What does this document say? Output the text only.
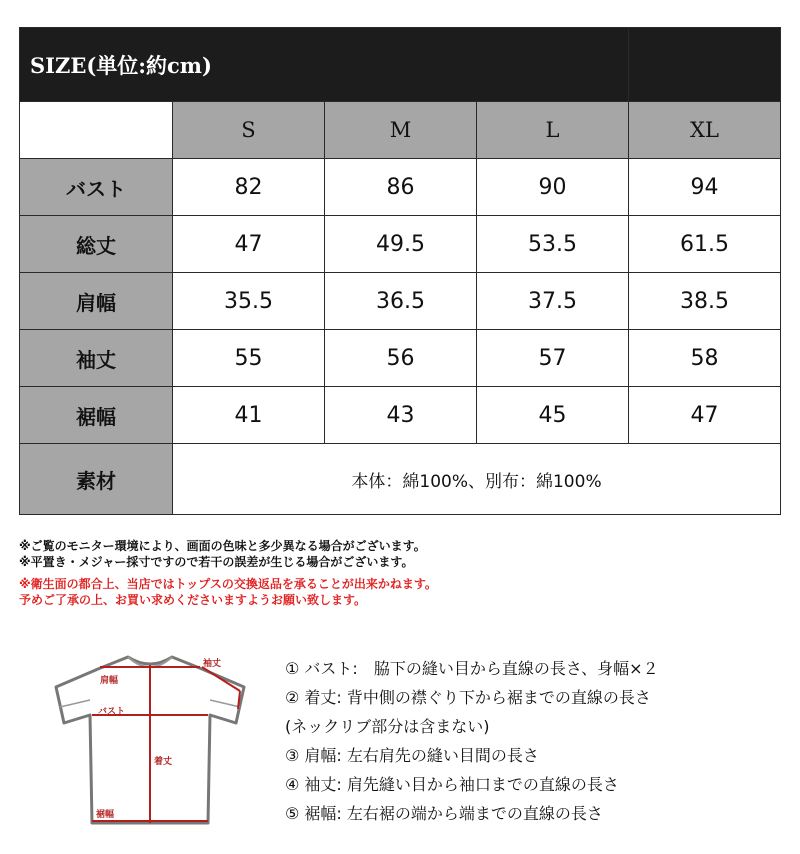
SIZE(単位:約cm)				
	S	M	L	XL
バスト	82	86	90	94
総丈	47	49.5	53.5	61.5
肩幅	35.5	36.5	37.5	38.5
袖丈	55	56	57	58
裾幅	41	43	45	47
素材	本体：綿100%、別布：綿100%			
※ご覧のモニター環境により、画面の色味と多少異なる場合がございます。
※平置き・メジャー採寸ですので若干の誤差が生じる場合がございます。
※衛生面の都合上、当店ではトップスの交換返品を承ることが出来かねます。
予めご了承の上、お買い求めくださいますようお願い致します。
袖丈
肩幅
バスト
着丈
裾幅
① バスト:　脇下の縫い目から直線の長さ、身幅×２
② 着丈: 背中側の襟ぐり下から裾までの直線の長さ
(ネックリブ部分は含まない)
③ 肩幅: 左右肩先の縫い目間の長さ
④ 袖丈: 肩先縫い目から袖口までの直線の長さ
⑤ 裾幅: 左右裾の端から端までの直線の長さ
